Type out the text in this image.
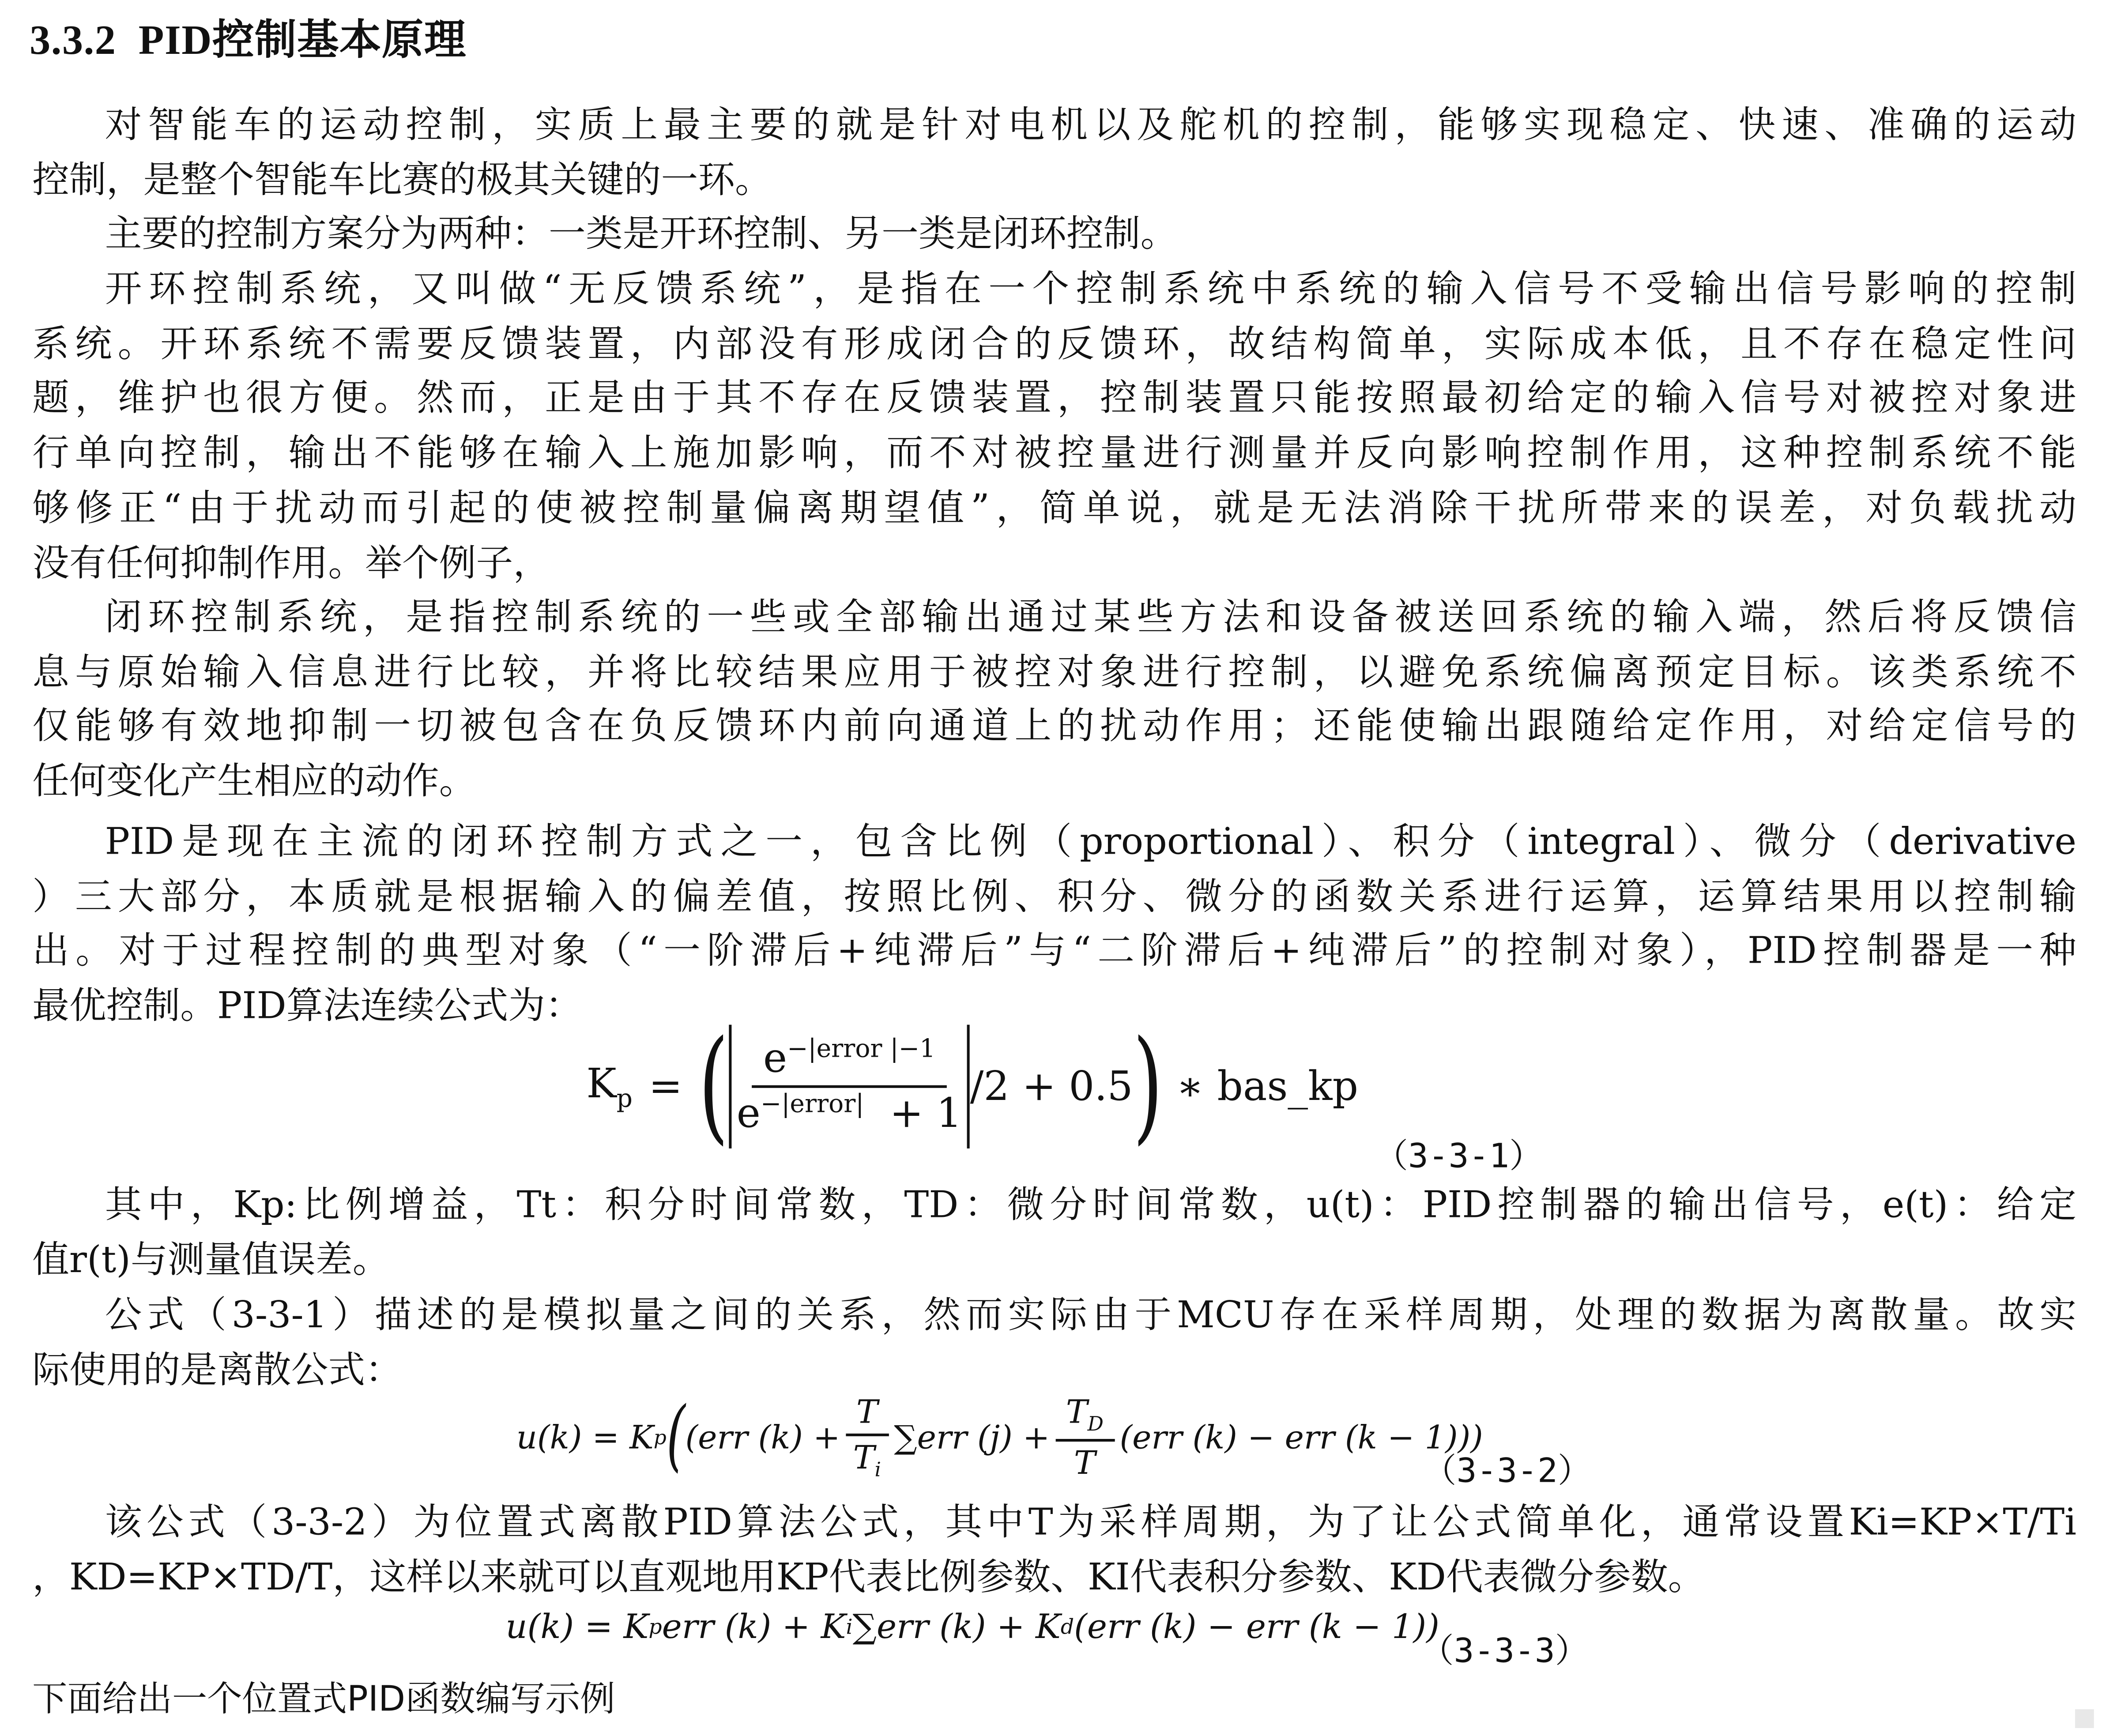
3.3.2 PID控制基本原理
对智能车的运动控制，实质上最主要的就是针对电机以及舵机的控制，能够实现稳定、快速、准确的运动
控制，是整个智能车比赛的极其关键的一环。
主要的控制方案分为两种：一类是开环控制、另一类是闭环控制。
开环控制系统，又叫做“无反馈系统”，是指在一个控制系统中系统的输入信号不受输出信号影响的控制
系统。开环系统不需要反馈装置，内部没有形成闭合的反馈环，故结构简单，实际成本低，且不存在稳定性问
题，维护也很方便。然而，正是由于其不存在反馈装置，控制装置只能按照最初给定的输入信号对被控对象进
行单向控制，输出不能够在输入上施加影响，而不对被控量进行测量并反向影响控制作用，这种控制系统不能
够修正“由于扰动而引起的使被控制量偏离期望值”，简单说，就是无法消除干扰所带来的误差，对负载扰动
没有任何抑制作用。举个例子，
闭环控制系统，是指控制系统的一些或全部输出通过某些方法和设备被送回系统的输入端，然后将反馈信
息与原始输入信息进行比较，并将比较结果应用于被控对象进行控制，以避免系统偏离预定目标。该类系统不
仅能够有效地抑制一切被包含在负反馈环内前向通道上的扰动作用；还能使输出跟随给定作用，对给定信号的
任何变化产生相应的动作。
PID是现在主流的闭环控制方式之一，包含比例（proportional）、积分（integral）、微分（derivative
）三大部分，本质就是根据输入的偏差值，按照比例、积分、微分的函数关系进行运算，运算结果用以控制输
出。对于过程控制的典型对象（“一阶滞后+纯滞后”与“二阶滞后+纯滞后”的控制对象），PID控制器是一种
最优控制。PID算法连续公式为：
$K_p$ = ( $\frac{e^{-|error |-1}}{e^{-|error|} + 1} /2 + 0.5$ ) ∗ bas_kp
（3-3-1）
其中，Kp:比例增益，Tt：积分时间常数，TD：微分时间常数，u(t)：PID控制器的输出信号，e(t)：给定
值r(t)与测量值误差。
公式（3-3-1）描述的是模拟量之间的关系，然而实际由于MCU存在采样周期，处理的数据为离散量。故实
际使用的是离散公式：
u(k) = K p ( (err $(k) + \frac{T}{T_i} \sum err$ $(j) + \frac{T_D}{T} (err$ (k) − err (k − 1)))
（3-3-2）
该公式（3-3-2）为位置式离散PID算法公式，其中T为采样周期，为了让公式简单化，通常设置Ki=KP×T/Ti
，KD=KP×TD/T，这样以来就可以直观地用KP代表比例参数、KI代表积分参数、KD代表微分参数。
u(k) = K p err (k) + K i ∑err (k) + K d (err (k) − err (k − 1))
（3-3-3）
下面给出一个位置式PID函数编写示例
